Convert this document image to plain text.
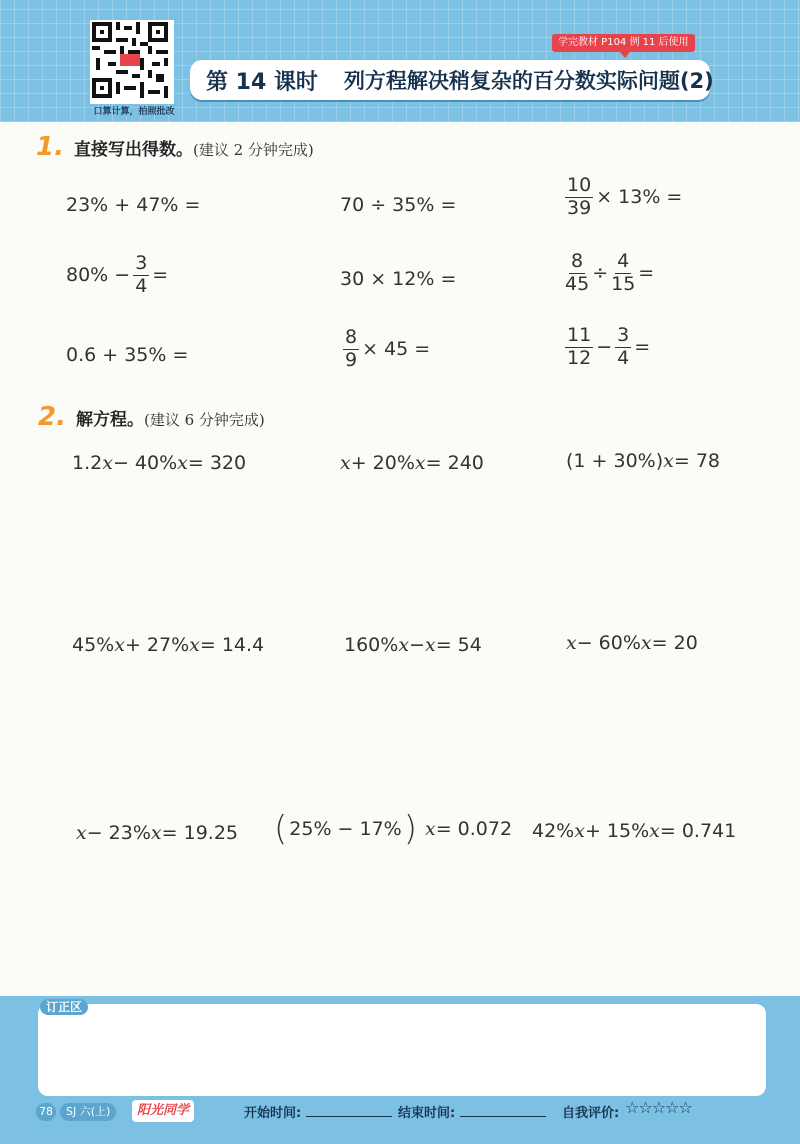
口算计算，拍照批改
第 14 课时 列方程解决稍复杂的百分数实际问题(2)
学完教材 P104 例 11 后使用
1. 直接写出得数。 (建议 2 分钟完成)
23% + 47% =	70 ÷ 35% =	$\frac{10}{39} \times 13\%$ =
$80\% - \frac{3}{4}$ =	30 × 12% =	$\frac{8}{45} \div \frac{4}{15}$ =
0.6 + 35% =	$\frac{8}{9} \times 45$ =	$\frac{11}{12} - \frac{3}{4}$ =
2. 解方程。 (建议 6 分钟完成)
1.2 x − 40% x = 320	x + 20% x = 240	(1 + 30%) x = 78
45% x + 27% x = 14.4	160% x − x = 54	x − 60% x = 20
x − 23% x = 19.25 ( 25% − 17% ) x = 0.072 42% x + 15% x = 0.741
订正区
78	SJ 六(上)	阳光同学	开始时间:	结束时间:	自我评价: ☆☆☆☆☆
